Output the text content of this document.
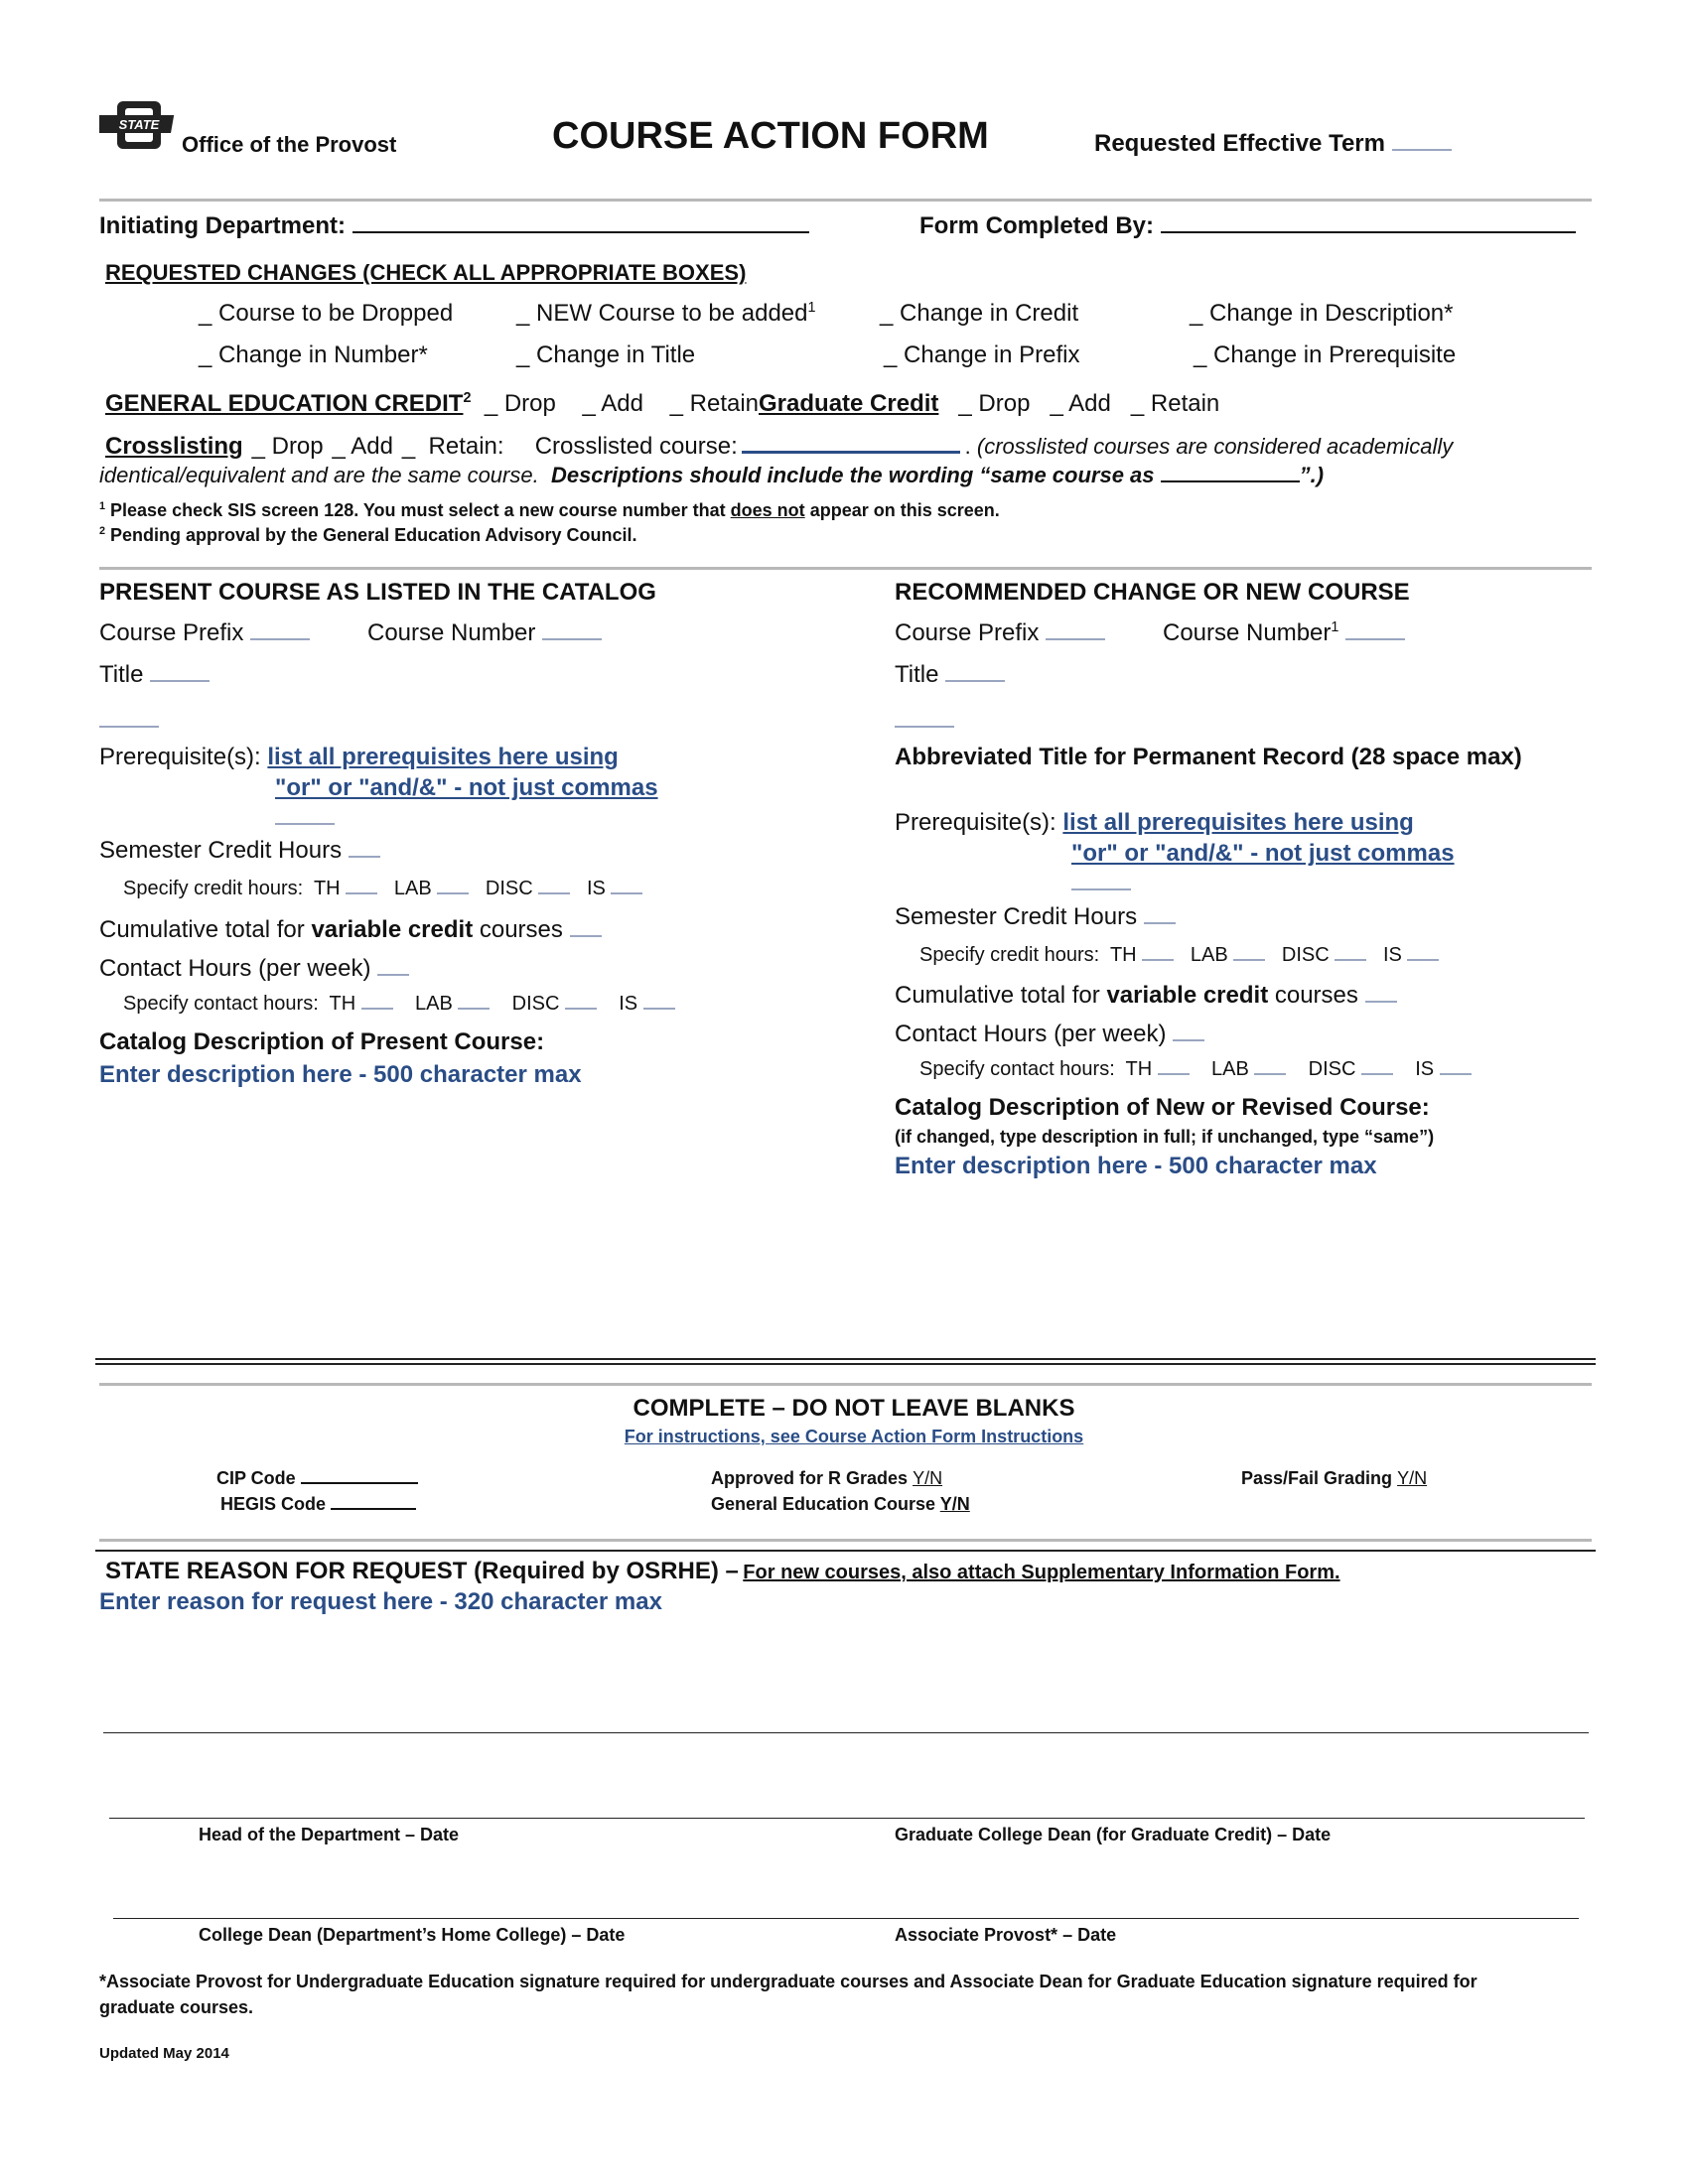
STATE
Office of the Provost	COURSE ACTION FORM	Requested Effective Term
Initiating Department:	Form Completed By:
REQUESTED CHANGES (CHECK ALL APPROPRIATE BOXES)
_ Course to be Dropped	_ NEW Course to be added$^1$	_ Change in Credit	_ Change in Description*
_ Change in Number*	_ Change in Title	_ Change in Prefix	_ Change in Prerequisite
GENERAL EDUCATION CREDIT$^2$  _ Drop    _ Add    _ RetainGraduate Credit   _ Drop   _ Add   _ Retain
Crosslisting _ Drop _ Add _  Retain: Crosslisted course:	. (crosslisted courses are considered academically
identical/equivalent and are the same course. Descriptions should include the wording “same course as	”.)
$^1$ Please check SIS screen 128. You must select a new course number that does not appear on this screen.
$^2$ Pending approval by the General Education Advisory Council.
PRESENT COURSE AS LISTED IN THE CATALOG
Course Prefix	Course Number
Title
Prerequisite(s): list all prerequisites here using
"or" or "and/&" - not just commas
Semester Credit Hours
Specify credit hours: TH	LAB	DISC	IS
Cumulative total for variable credit courses
Contact Hours (per week)
Specify contact hours: TH	LAB	DISC	IS
Catalog Description of Present Course:
Enter description here - 500 character max
RECOMMENDED CHANGE OR NEW COURSE
Course Prefix	Course Number$^1$
Title
Abbreviated Title for Permanent Record (28 space max)
Prerequisite(s): list all prerequisites here using
"or" or "and/&" - not just commas
Semester Credit Hours
Specify credit hours: TH	LAB	DISC	IS
Cumulative total for variable credit courses
Contact Hours (per week)
Specify contact hours: TH	LAB	DISC	IS
Catalog Description of New or Revised Course:
(if changed, type description in full; if unchanged, type “same”)
Enter description here - 500 character max
COMPLETE – DO NOT LEAVE BLANKS
For instructions, see Course Action Form Instructions
CIP Code
HEGIS Code
Approved for R Grades Y/N
General Education Course Y/N
Pass/Fail Grading Y/N
STATE REASON FOR REQUEST (Required by OSRHE) – For new courses, also attach Supplementary Information Form.
Enter reason for request here - 320 character max
Head of the Department – Date	Graduate College Dean (for Graduate Credit) – Date
College Dean (Department’s Home College) – Date	Associate Provost* – Date
*Associate Provost for Undergraduate Education signature required for undergraduate courses and Associate Dean for Graduate Education signature required for
graduate courses.
Updated May 2014
